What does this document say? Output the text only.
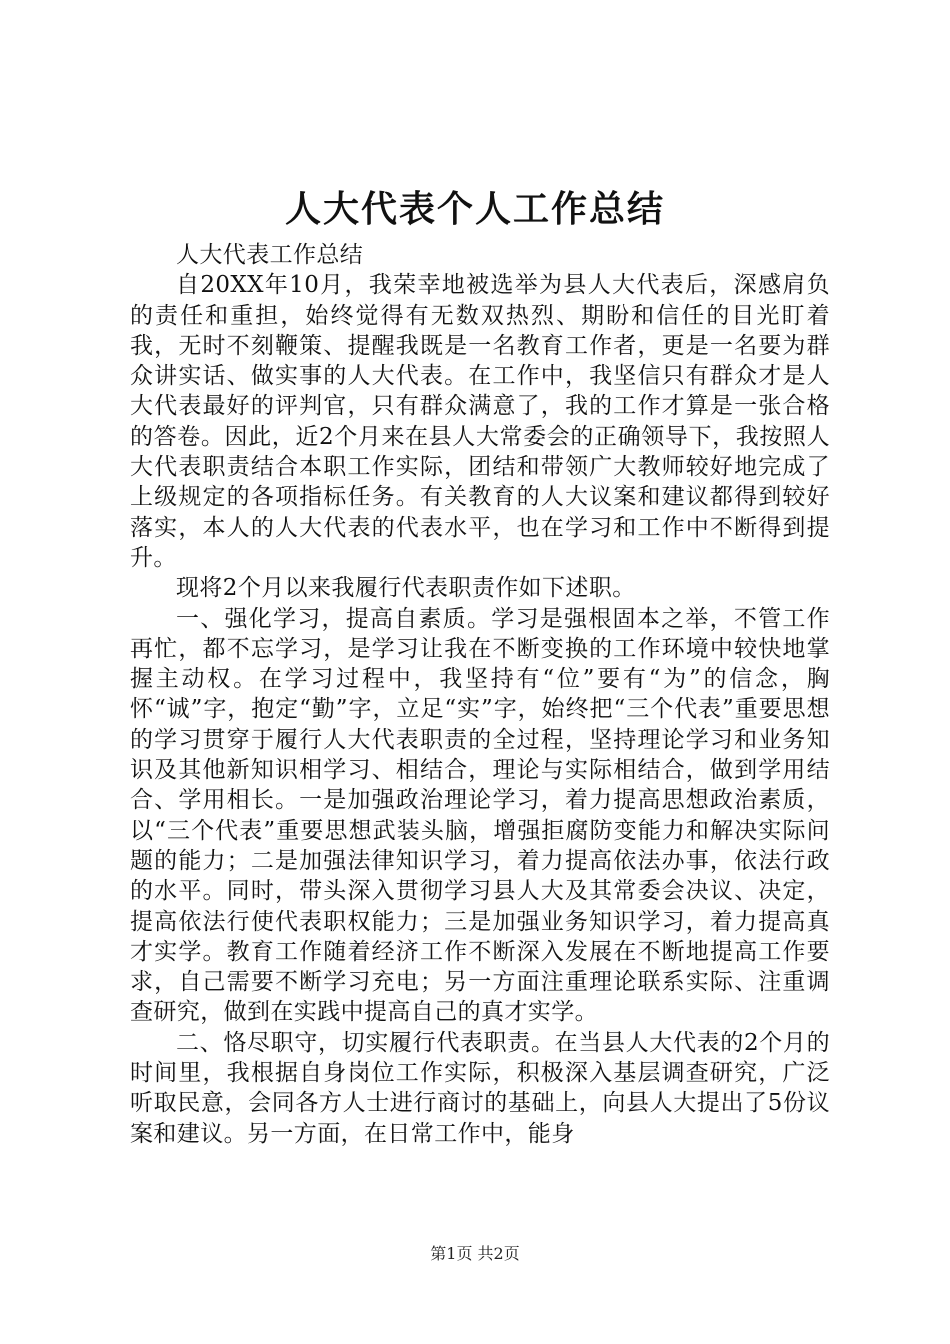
人大代表个人工作总结

人大代表工作总结

自20XX年10月，我荣幸地被选举为县人大代表后，深感肩负的责任和重担，始终觉得有无数双热烈、期盼和信任的目光盯着我，无时不刻鞭策、提醒我既是一名教育工作者，更是一名要为群众讲实话、做实事的人大代表。在工作中，我坚信只有群众才是人大代表最好的评判官，只有群众满意了，我的工作才算是一张合格的答卷。因此，近2个月来在县人大常委会的正确领导下，我按照人大代表职责结合本职工作实际，团结和带领广大教师较好地完成了上级规定的各项指标任务。有关教育的人大议案和建议都得到较好落实，本人的人大代表的代表水平，也在学习和工作中不断得到提升。

现将2个月以来我履行代表职责作如下述职。

一、强化学习，提高自素质。学习是强根固本之举，不管工作再忙，都不忘学习，是学习让我在不断变换的工作环境中较快地掌握主动权。在学习过程中，我坚持有“位”要有“为”的信念，胸怀“诚”字，抱定“勤”字，立足“实”字，始终把“三个代表”重要思想的学习贯穿于履行人大代表职责的全过程，坚持理论学习和业务知识及其他新知识相学习、相结合，理论与实际相结合，做到学用结合、学用相长。一是加强政治理论学习，着力提高思想政治素质，以“三个代表”重要思想武装头脑，增强拒腐防变能力和解决实际问题的能力；二是加强法律知识学习，着力提高依法办事，依法行政的水平。同时，带头深入贯彻学习县人大及其常委会决议、决定，提高依法行使代表职权能力；三是加强业务知识学习，着力提高真才实学。教育工作随着经济工作不断深入发展在不断地提高工作要求，自己需要不断学习充电；另一方面注重理论联系实际、注重调查研究，做到在实践中提高自己的真才实学。

二、恪尽职守，切实履行代表职责。在当县人大代表的2个月的时间里，我根据自身岗位工作实际，积极深入基层调查研究，广泛听取民意，会同各方人士进行商讨的基础上，向县人大提出了5份议案和建议。另一方面，在日常工作中，能身

第1页 共2页
